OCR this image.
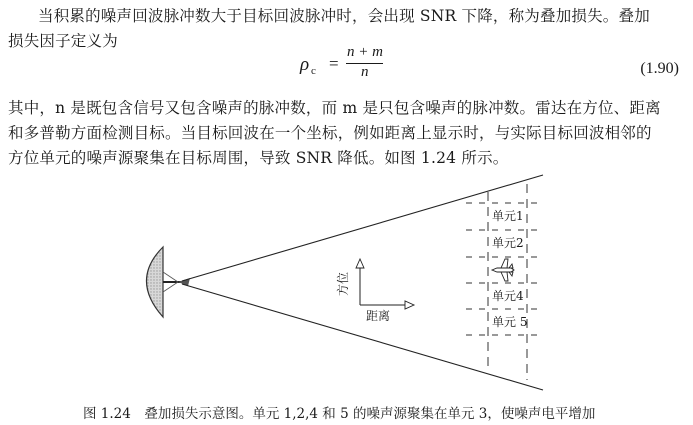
当积累的噪声回波脉冲数大于目标回波脉冲时，会出现 SNR 下降，称为叠加损失。叠加
损失因子定义为
ρ c =
n + m
n	(1.90)
其中，n 是既包含信号又包含噪声的脉冲数，而 m 是只包含噪声的脉冲数。雷达在方位、距离
和多普勒方面检测目标。当目标回波在一个坐标，例如距离上显示时，与实际目标回波相邻的
方位单元的噪声源聚集在目标周围，导致 SNR 降低。如图 1.24 所示。
方位
距离
单元1
单元2
单元4
单元 5
图 1.24　叠加损失示意图。单元 1,2,4 和 5 的噪声源聚集在单元 3，使噪声电平增加
